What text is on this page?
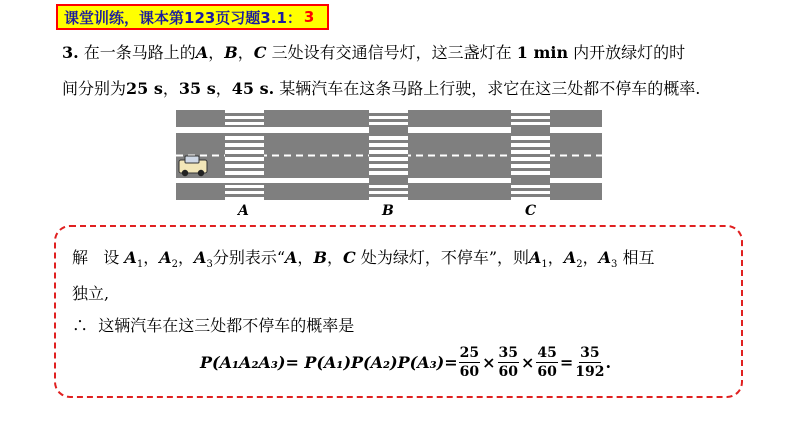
课堂训练，课本第123页习题3.1： 3
3. 在一条马路上的A，B，C 三处设有交通信号灯，这三盏灯在 1 min 内开放绿灯的时
间分别为25 s，35 s，45 s. 某辆汽车在这条马路上行驶，求它在这三处都不停车的概率.
A	B	C
解 设 $A_1$，$A_2$，$A_3$分别表示“A，B，C 处为绿灯，不停车”，则$A_1$，$A_2$，$A_3$ 相互
独立,
∴ 这辆汽车在这三处都不停车的概率是
$P(A_1A_2A_3)= P(A_1)P(A_2)P(A_3)= \frac{25}{60} \times \frac{35}{60} \times \frac{45}{60} = \frac{35}{192}$ .
